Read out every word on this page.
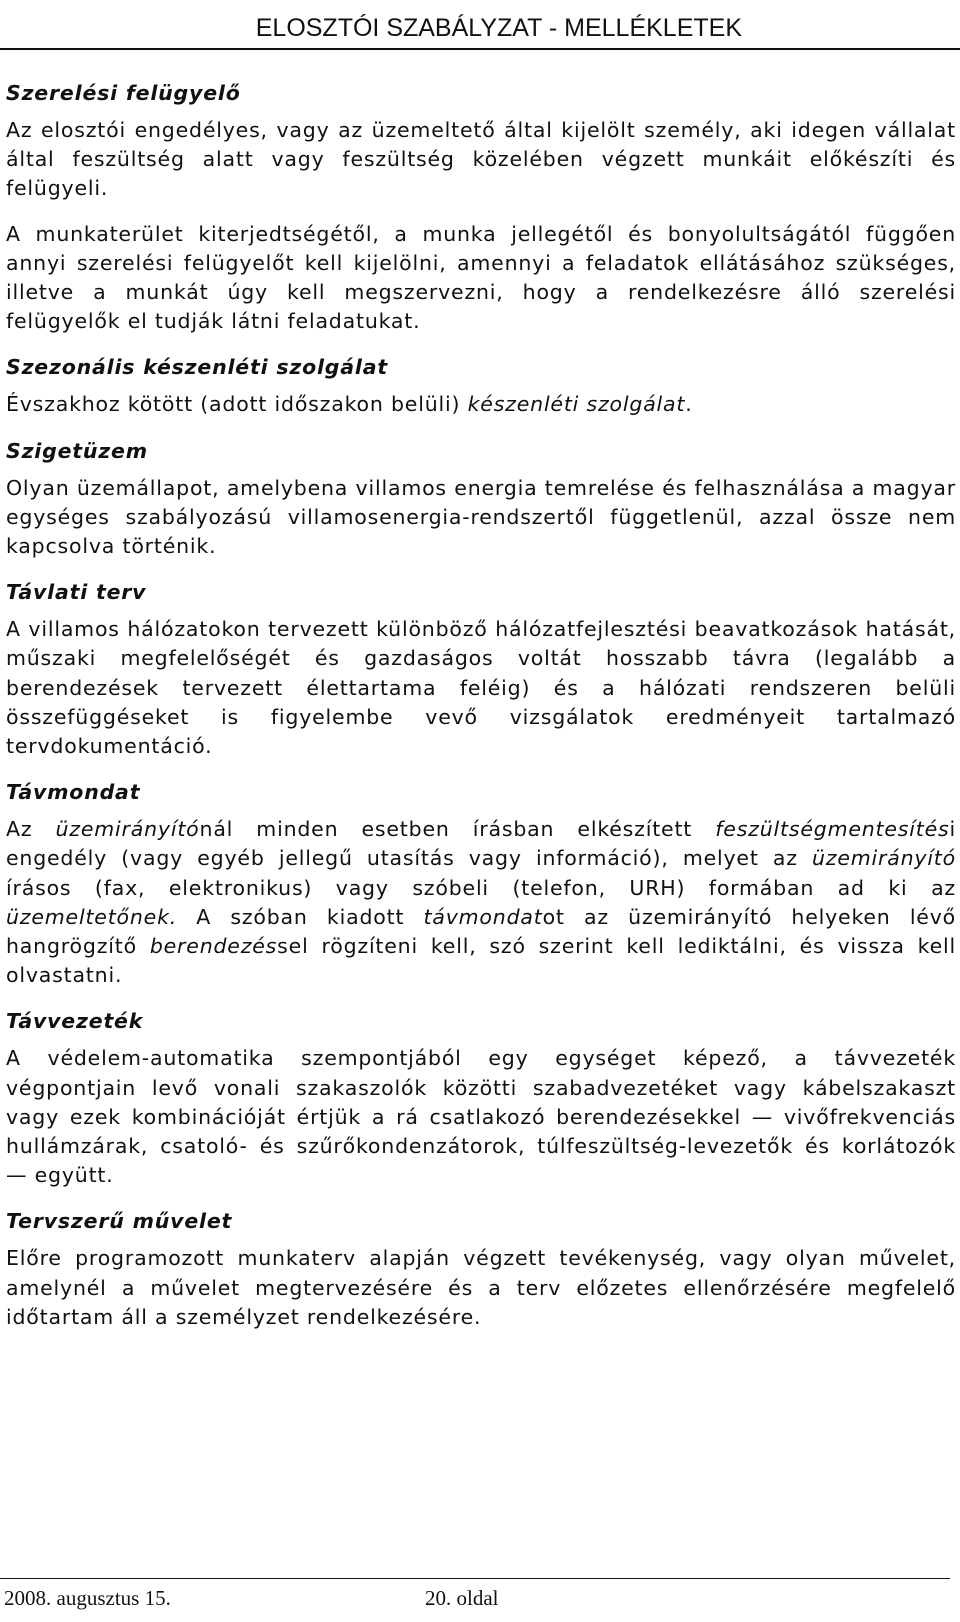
ELOSZTÓI SZABÁLYZAT - MELLÉKLETEK
Szerelési felügyelő
Az elosztói engedélyes, vagy az üzemeltető által kijelölt személy, aki idegen vállalat által feszültség alatt vagy feszültség közelében végzett munkáit előkészíti és felügyeli.
A munkaterület kiterjedtségétől, a munka jellegétől és bonyolultságától függően annyi szerelési felügyelőt kell kijelölni, amennyi a feladatok ellátásához szükséges, illetve a munkát úgy kell megszervezni, hogy a rendelkezésre álló szerelési felügyelők el tudják látni feladatukat.
Szezonális készenléti szolgálat
Évszakhoz kötött (adott időszakon belüli) készenléti szolgálat.
Szigetüzem
Olyan üzemállapot, amelybena villamos energia temrelése és felhasználása a magyar egységes szabályozású villamosenergia-rendszertől függetlenül, azzal össze nem kapcsolva történik.
Távlati terv
A villamos hálózatokon tervezett különböző hálózatfejlesztési beavatkozások hatását, műszaki megfelelőségét és gazdaságos voltát hosszabb távra (legalább a berendezések tervezett élettartama feléig) és a hálózati rendszeren belüli összefüggéseket is figyelembe vevő vizsgálatok eredményeit tartalmazó tervdokumentáció.
Távmondat
Az üzemirányítónál minden esetben írásban elkészített feszültségmentesítési engedély (vagy egyéb jellegű utasítás vagy információ), melyet az üzemirányító írásos (fax, elektronikus) vagy szóbeli (telefon, URH) formában ad ki az üzemeltetőnek. A szóban kiadott távmondatot az üzemirányító helyeken lévő hangrögzítő berendezéssel rögzíteni kell, szó szerint kell lediktálni, és vissza kell olvastatni.
Távvezeték
A védelem-automatika szempontjából egy egységet képező, a távvezeték végpontjain levő vonali szakaszolók közötti szabadvezetéket vagy kábelszakaszt vagy ezek kombinációját értjük a rá csatlakozó berendezésekkel — vivőfrekvenciás hullámzárak, csatoló- és szűrőkondenzátorok, túlfeszültség-levezetők és korlátozók — együtt.
Tervszerű művelet
Előre programozott munkaterv alapján végzett tevékenység, vagy olyan művelet, amelynél a művelet megtervezésére és a terv előzetes ellenőrzésére megfelelő időtartam áll a személyzet rendelkezésére.
2008. augusztus 15.	20. oldal
